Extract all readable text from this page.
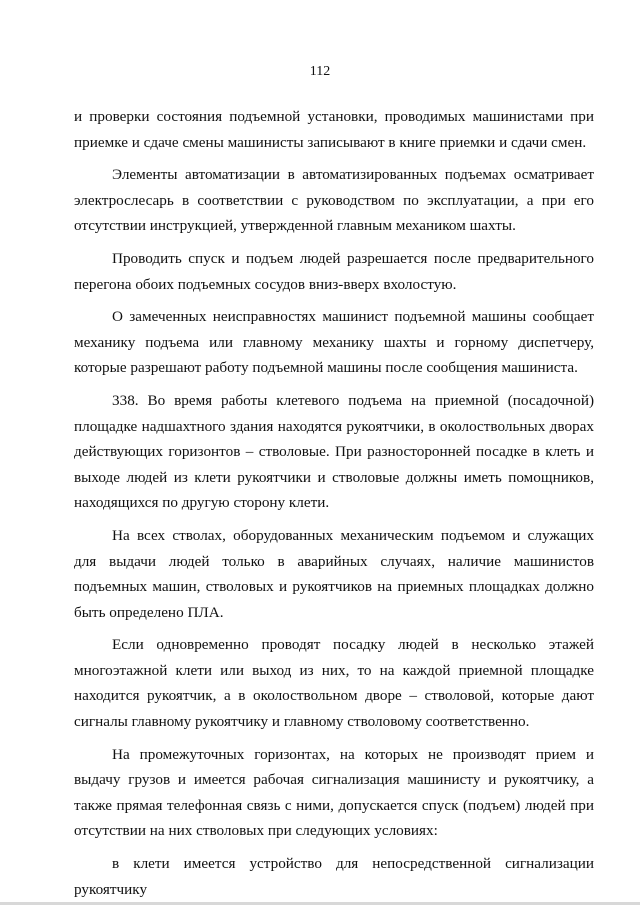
112

и проверки состояния подъемной установки, проводимых машинистами при приемке и сдаче смены машинисты записывают в книге приемки и сдачи смен.

Элементы автоматизации в автоматизированных подъемах осматривает электрослесарь в соответствии с руководством по эксплуатации, а при его отсутствии инструкцией, утвержденной главным механиком шахты.

Проводить спуск и подъем людей разрешается после предварительного перегона обоих подъемных сосудов вниз-вверх вхолостую.

О замеченных неисправностях машинист подъемной машины сообщает механику подъема или главному механику шахты и горному диспетчеру, которые разрешают работу подъемной машины после сообщения машиниста.

338. Во время работы клетевого подъема на приемной (посадочной) площадке надшахтного здания находятся рукоятчики, в околоствольных дворах действующих горизонтов – стволовые. При разносторонней посадке в клеть и выходе людей из клети рукоятчики и стволовые должны иметь помощников, находящихся по другую сторону клети.

На всех стволах, оборудованных механическим подъемом и служащих для выдачи людей только в аварийных случаях, наличие машинистов подъемных машин, стволовых и рукоятчиков на приемных площадках должно быть определено ПЛА.

Если одновременно проводят посадку людей в несколько этажей многоэтажной клети или выход из них, то на каждой приемной площадке находится рукоятчик, а в околоствольном дворе – стволовой, которые дают сигналы главному рукоятчику и главному стволовому соответственно.

На промежуточных горизонтах, на которых не производят прием и выдачу грузов и имеется рабочая сигнализация машинисту и рукоятчику, а также прямая телефонная связь с ними, допускается спуск (подъем) людей при отсутствии на них стволовых при следующих условиях:

в клети имеется устройство для непосредственной сигнализации рукоятчику
